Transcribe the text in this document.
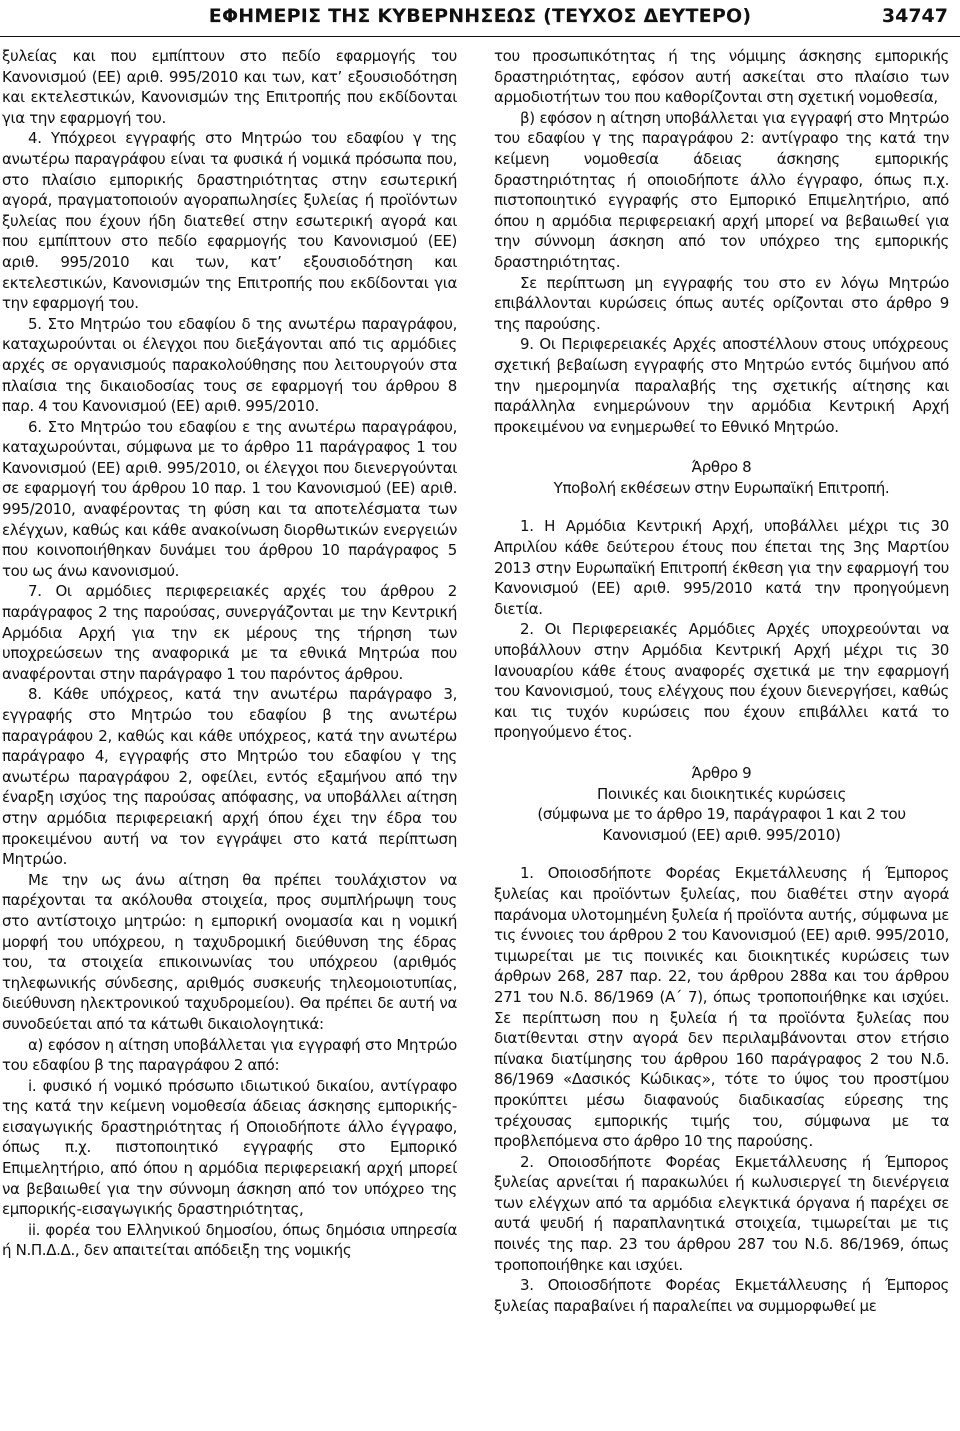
ΕΦΗΜΕΡΙΣ ΤΗΣ ΚΥΒΕΡΝΗΣΕΩΣ (ΤΕΥΧΟΣ ΔΕΥΤΕΡΟ)	34747

ξυλείας και που εμπίπτουν στο πεδίο εφαρμογής του Κανονισμού (ΕΕ) αριθ. 995/2010 και των, κατ’ εξουσιοδότηση και εκτελεστικών, Κανονισμών της Επιτροπής που εκδίδονται για την εφαρμογή του.

4. Υπόχρεοι εγγραφής στο Μητρώο του εδαφίου γ της ανωτέρω παραγράφου είναι τα φυσικά ή νομικά πρόσωπα που, στο πλαίσιο εμπορικής δραστηριότητας στην εσωτερική αγορά, πραγματοποιούν αγοραπωλησίες ξυλείας ή προϊόντων ξυλείας που έχουν ήδη διατεθεί στην εσωτερική αγορά και που εμπίπτουν στο πεδίο εφαρμογής του Κανονισμού (ΕΕ) αριθ. 995/2010 και των, κατ’ εξουσιοδότηση και εκτελεστικών, Κανονισμών της Επιτροπής που εκδίδονται για την εφαρμογή του.

5. Στο Μητρώο του εδαφίου δ της ανωτέρω παραγράφου, καταχωρούνται οι έλεγχοι που διεξάγονται από τις αρμόδιες αρχές σε οργανισμούς παρακολούθησης που λειτουργούν στα πλαίσια της δικαιοδοσίας τους σε εφαρμογή του άρθρου 8 παρ. 4 του Κανονισμού (ΕΕ) αριθ. 995/2010.

6. Στο Μητρώο του εδαφίου ε της ανωτέρω παραγράφου, καταχωρούνται, σύμφωνα με το άρθρο 11 παράγραφος 1 του Κανονισμού (ΕΕ) αριθ. 995/2010, οι έλεγχοι που διενεργούνται σε εφαρμογή του άρθρου 10 παρ. 1 του Κανονισμού (ΕΕ) αριθ. 995/2010, αναφέροντας τη φύση και τα αποτελέσματα των ελέγχων, καθώς και κάθε ανακοίνωση διορθωτικών ενεργειών που κοινοποιήθηκαν δυνάμει του άρθρου 10 παράγραφος 5 του ως άνω κανονισμού.

7. Οι αρμόδιες περιφερειακές αρχές του άρθρου 2 παράγραφος 2 της παρούσας, συνεργάζονται με την Κεντρική Αρμόδια Αρχή για την εκ μέρους της τήρηση των υποχρεώσεων της αναφορικά με τα εθνικά Μητρώα που αναφέρονται στην παράγραφο 1 του παρόντος άρθρου.

8. Κάθε υπόχρεος, κατά την ανωτέρω παράγραφο 3, εγγραφής στο Μητρώο του εδαφίου β της ανωτέρω παραγράφου 2, καθώς και κάθε υπόχρεος, κατά την ανωτέρω παράγραφο 4, εγγραφής στο Μητρώο του εδαφίου γ της ανωτέρω παραγράφου 2, οφείλει, εντός εξαμήνου από την έναρξη ισχύος της παρούσας απόφασης, να υποβάλλει αίτηση στην αρμόδια περιφερειακή αρχή όπου έχει την έδρα του προκειμένου αυτή να τον εγγράψει στο κατά περίπτωση Μητρώο.

Με την ως άνω αίτηση θα πρέπει τουλάχιστον να παρέχονται τα ακόλουθα στοιχεία, προς συμπλήρωψη τους στο αντίστοιχο μητρώο: η εμπορική ονομασία και η νομική μορφή του υπόχρεου, η ταχυδρομική διεύθυνση της έδρας του, τα στοιχεία επικοινωνίας του υπόχρεου (αριθμός τηλεφωνικής σύνδεσης, αριθμός συσκευής τηλεομοιοτυπίας, διεύθυνση ηλεκτρονικού ταχυδρομείου). Θα πρέπει δε αυτή να συνοδεύεται από τα κάτωθι δικαιολογητικά:

α) εφόσον η αίτηση υποβάλλεται για εγγραφή στο Μητρώο του εδαφίου β της παραγράφου 2 από:

i. φυσικό ή νομικό πρόσωπο ιδιωτικού δικαίου, αντίγραφο της κατά την κείμενη νομοθεσία άδειας άσκησης εμπορικής-εισαγωγικής δραστηριότητας ή Οποιοδήποτε άλλο έγγραφο, όπως π.χ. πιστοποιητικό εγγραφής στο Εμπορικό Επιμελητήριο, από όπου η αρμόδια περιφερειακή αρχή μπορεί να βεβαιωθεί για την σύννομη άσκηση από τον υπόχρεο της εμπορικής-εισαγωγικής δραστηριότητας,

ii. φορέα του Ελληνικού δημοσίου, όπως δημόσια υπηρεσία ή Ν.Π.Δ.Δ., δεν απαιτείται απόδειξη της νομικής

του προσωπικότητας ή της νόμιμης άσκησης εμπορικής δραστηριότητας, εφόσον αυτή ασκείται στο πλαίσιο των αρμοδιοτήτων του που καθορίζονται στη σχετική νομοθεσία,

β) εφόσον η αίτηση υποβάλλεται για εγγραφή στο Μητρώο του εδαφίου γ της παραγράφου 2: αντίγραφο της κατά την κείμενη νομοθεσία άδειας άσκησης εμπορικής δραστηριότητας ή οποιοδήποτε άλλο έγγραφο, όπως π.χ. πιστοποιητικό εγγραφής στο Εμπορικό Επιμελητήριο, από όπου η αρμόδια περιφερειακή αρχή μπορεί να βεβαιωθεί για την σύννομη άσκηση από τον υπόχρεο της εμπορικής δραστηριότητας.

Σε περίπτωση μη εγγραφής του στο εν λόγω Μητρώο επιβάλλονται κυρώσεις όπως αυτές ορίζονται στο άρθρο 9 της παρούσης.

9. Οι Περιφερειακές Αρχές αποστέλλουν στους υπόχρεους σχετική βεβαίωση εγγραφής στο Μητρώο εντός διμήνου από την ημερομηνία παραλαβής της σχετικής αίτησης και παράλληλα ενημερώνουν την αρμόδια Κεντρική Αρχή προκειμένου να ενημερωθεί το Εθνικό Μητρώο.

Άρθρο 8

Υποβολή εκθέσεων στην Ευρωπαϊκή Επιτροπή.

1. Η Αρμόδια Κεντρική Αρχή, υποβάλλει μέχρι τις 30 Απριλίου κάθε δεύτερου έτους που έπεται της 3ης Μαρτίου 2013 στην Ευρωπαϊκή Επιτροπή έκθεση για την εφαρμογή του Κανονισμού (ΕΕ) αριθ. 995/2010 κατά την προηγούμενη διετία.

2. Οι Περιφερειακές Αρμόδιες Αρχές υποχρεούνται να υποβάλλουν στην Αρμόδια Κεντρική Αρχή μέχρι τις 30 Ιανουαρίου κάθε έτους αναφορές σχετικά με την εφαρμογή του Κανονισμού, τους ελέγχους που έχουν διενεργήσει, καθώς και τις τυχόν κυρώσεις που έχουν επιβάλλει κατά το προηγούμενο έτος.

Άρθρο 9

Ποινικές και διοικητικές κυρώσεις

(σύμφωνα με το άρθρο 19, παράγραφοι 1 και 2 του Κανονισμού (ΕΕ) αριθ. 995/2010)

1. Οποιοσδήποτε Φορέας Εκμετάλλευσης ή Έμπορος ξυλείας και προϊόντων ξυλείας, που διαθέτει στην αγορά παράνομα υλοτομημένη ξυλεία ή προϊόντα αυτής, σύμφωνα με τις έννοιες του άρθρου 2 του Κανονισμού (ΕΕ) αριθ. 995/2010, τιμωρείται με τις ποινικές και διοικητικές κυρώσεις των άρθρων 268, 287 παρ. 22, του άρθρου 288α και του άρθρου 271 του Ν.δ. 86/1969 (Α΄ 7), όπως τροποποιήθηκε και ισχύει. Σε περίπτωση που η ξυλεία ή τα προϊόντα ξυλείας που διατίθενται στην αγορά δεν περιλαμβάνονται στον ετήσιο πίνακα διατίμησης του άρθρου 160 παράγραφος 2 του Ν.δ. 86/1969 «Δασικός Κώδικας», τότε το ύψος του προστίμου προκύπτει μέσω διαφανούς διαδικασίας εύρεσης της τρέχουσας εμπορικής τιμής του, σύμφωνα με τα προβλεπόμενα στο άρθρο 10 της παρούσης.

2. Οποιοσδήποτε Φορέας Εκμετάλλευσης ή Έμπορος ξυλείας αρνείται ή παρακωλύει ή κωλυσιεργεί τη διενέργεια των ελέγχων από τα αρμόδια ελεγκτικά όργανα ή παρέχει σε αυτά ψευδή ή παραπλανητικά στοιχεία, τιμωρείται με τις ποινές της παρ. 23 του άρθρου 287 του Ν.δ. 86/1969, όπως τροποποιήθηκε και ισχύει.

3. Οποιοσδήποτε Φορέας Εκμετάλλευσης ή Έμπορος ξυλείας παραβαίνει ή παραλείπει να συμμορφωθεί με
